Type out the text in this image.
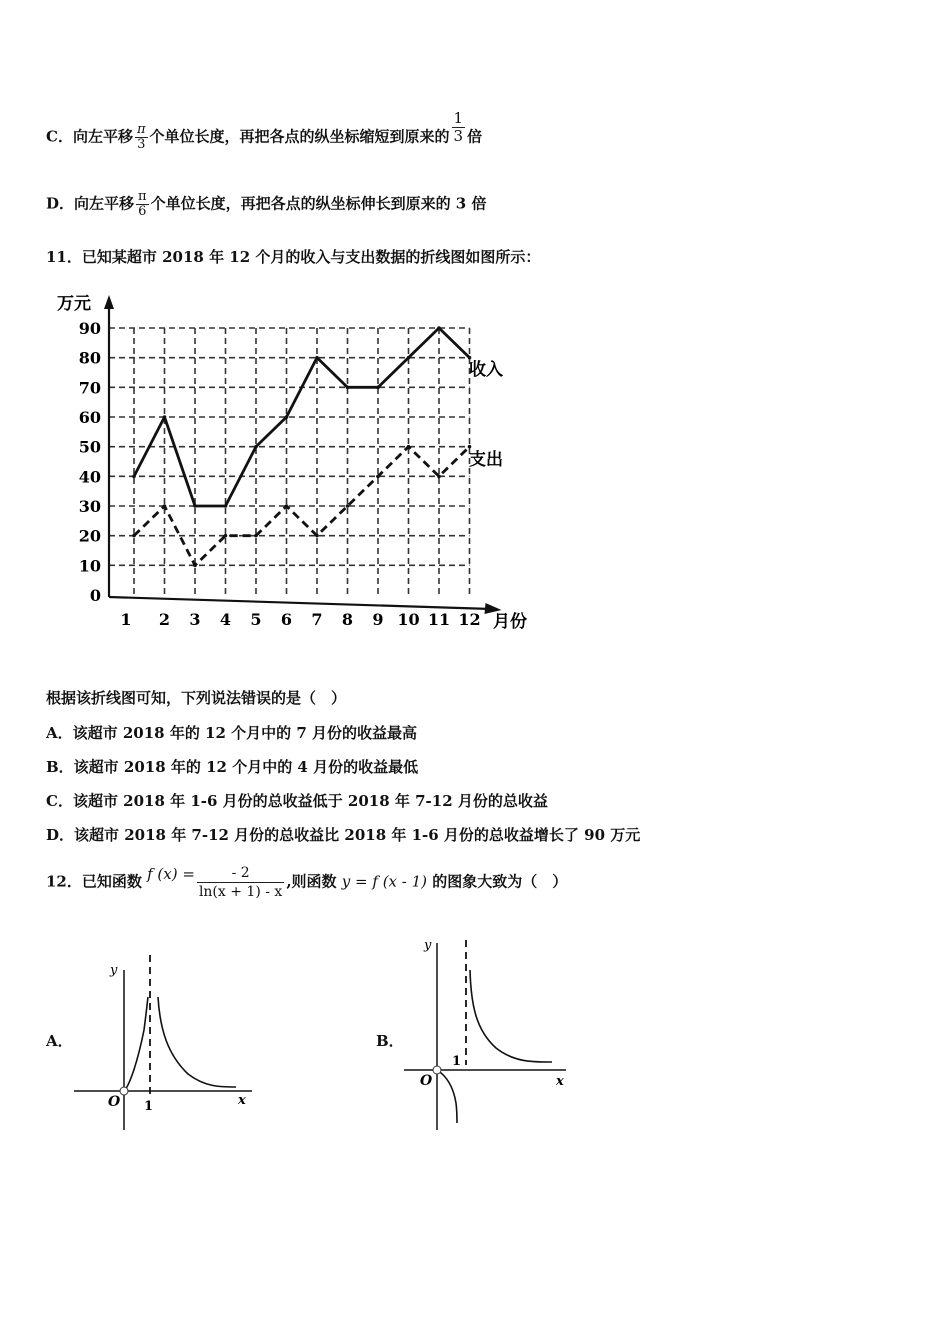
C．向左平移 $\frac{\pi}{3}$ 个单位长度，再把各点的纵坐标缩短到原来的 $\frac{1}{3}$ 倍
D．向左平移 $\frac{\pi}{6}$ 个单位长度，再把各点的纵坐标伸长到原来的 3 倍
11．已知某超市 2018 年 12 个月的收入与支出数据的折线图如图所示：
0
10
20
30
40
50
60
70
80
90
1 2 3 4 5 6 7 8 9 10 11 12
万元
月份
收入
支出
根据该折线图可知，下列说法错误的是（　）
A．该超市 2018 年的 12 个月中的 7 月份的收益最高
B．该超市 2018 年的 12 个月中的 4 月份的收益最低
C．该超市 2018 年 1-6 月份的总收益低于 2018 年 7-12 月份的总收益
D．该超市 2018 年 7-12 月份的总收益比 2018 年 1-6 月份的总收益增长了 90 万元
12．已知函数 f $(x) = \frac{- 2}{\ln(x + 1) - x}$ ,则函数 y = f (x - 1) 的图象大致为（　）
A．
y
x
O 1
B．
y
x
O
1
